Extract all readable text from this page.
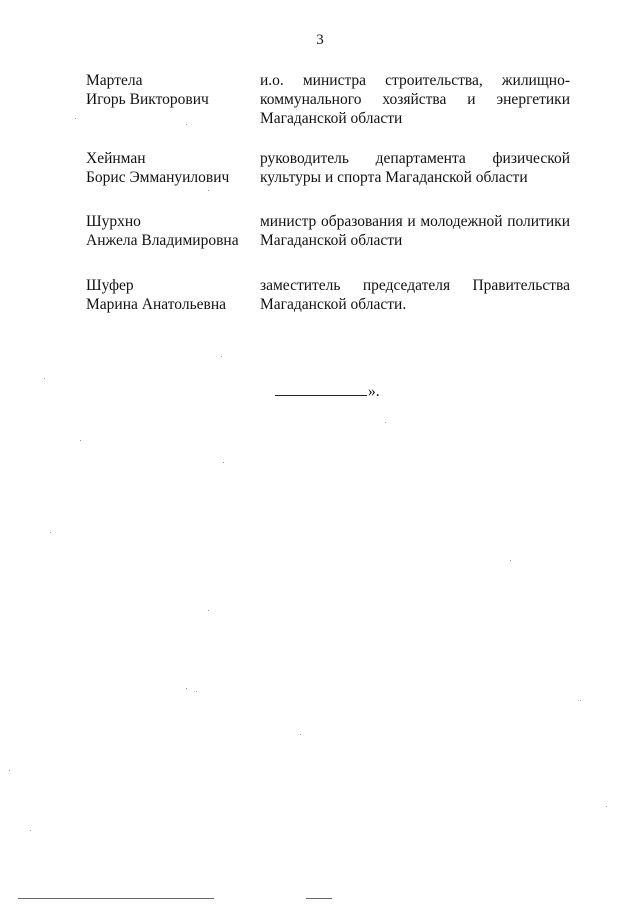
3
Мартела
Игорь Викторович
и.о. министра строительства, жилищно-
коммунального хозяйства и энергетики
Магаданской области
Хейнман
Борис Эммануилович
руководитель департамента физической
культуры и спорта Магаданской области
Шурхно
Анжела Владимировна
министр образования и молодежной политики
Магаданской области
Шуфер
Марина Анатольевна
заместитель председателя Правительства
Магаданской области.
».
